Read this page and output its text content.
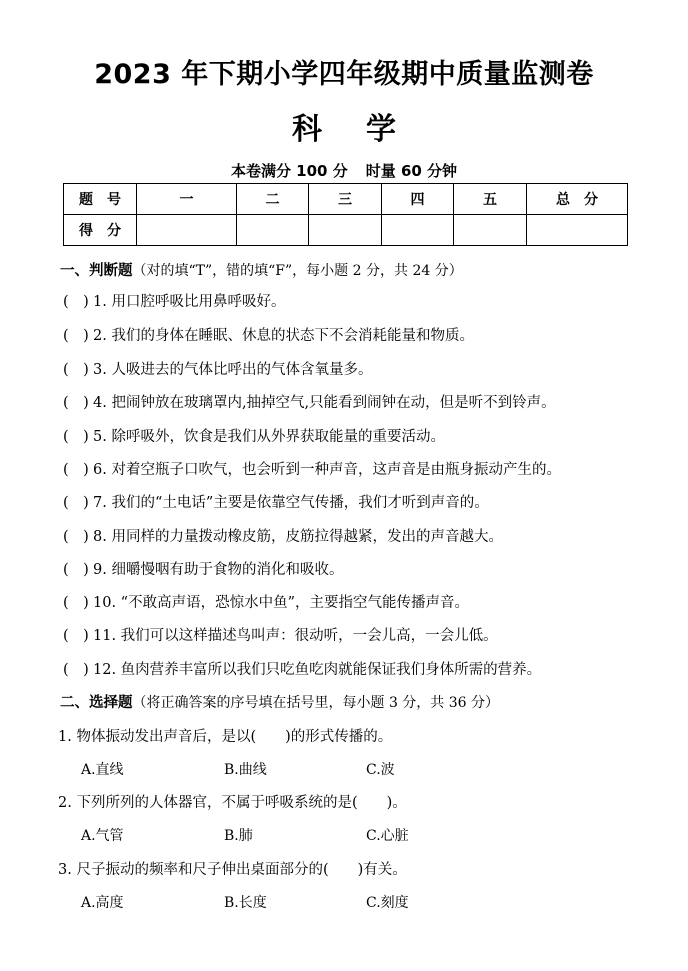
2023 年下期小学四年级期中质量监测卷
科学
本卷满分 100 分 时量 60 分钟
题　号	一	二	三	四	五	总　分
得　分						
一、判断题（对的填“T”，错的填“F”，每小题 2 分，共 24 分）
(　) 1. 用口腔呼吸比用鼻呼吸好。
(　) 2. 我们的身体在睡眠、休息的状态下不会消耗能量和物质。
(　) 3. 人吸进去的气体比呼出的气体含氧量多。
(　) 4. 把闹钟放在玻璃罩内,抽掉空气,只能看到闹钟在动，但是听不到铃声。
(　) 5. 除呼吸外，饮食是我们从外界获取能量的重要活动。
(　) 6. 对着空瓶子口吹气，也会听到一种声音，这声音是由瓶身振动产生的。
(　) 7. 我们的“土电话”主要是依靠空气传播，我们才听到声音的。
(　) 8. 用同样的力量拨动橡皮筋，皮筋拉得越紧，发出的声音越大。
(　) 9. 细嚼慢咽有助于食物的消化和吸收。
(　) 10. “不敢高声语，恐惊水中鱼”，主要指空气能传播声音。
(　) 11. 我们可以这样描述鸟叫声：很动听，一会儿高，一会儿低。
(　) 12. 鱼肉营养丰富所以我们只吃鱼吃肉就能保证我们身体所需的营养。
二、选择题（将正确答案的序号填在括号里，每小题 3 分，共 36 分）
1. 物体振动发出声音后，是以(　　)的形式传播的。
A.直线	B.曲线	C.波
2. 下列所列的人体器官，不属于呼吸系统的是(　　)。
A.气管	B.肺	C.心脏
3. 尺子振动的频率和尺子伸出桌面部分的(　　)有关。
A.高度	B.长度	C.刻度
